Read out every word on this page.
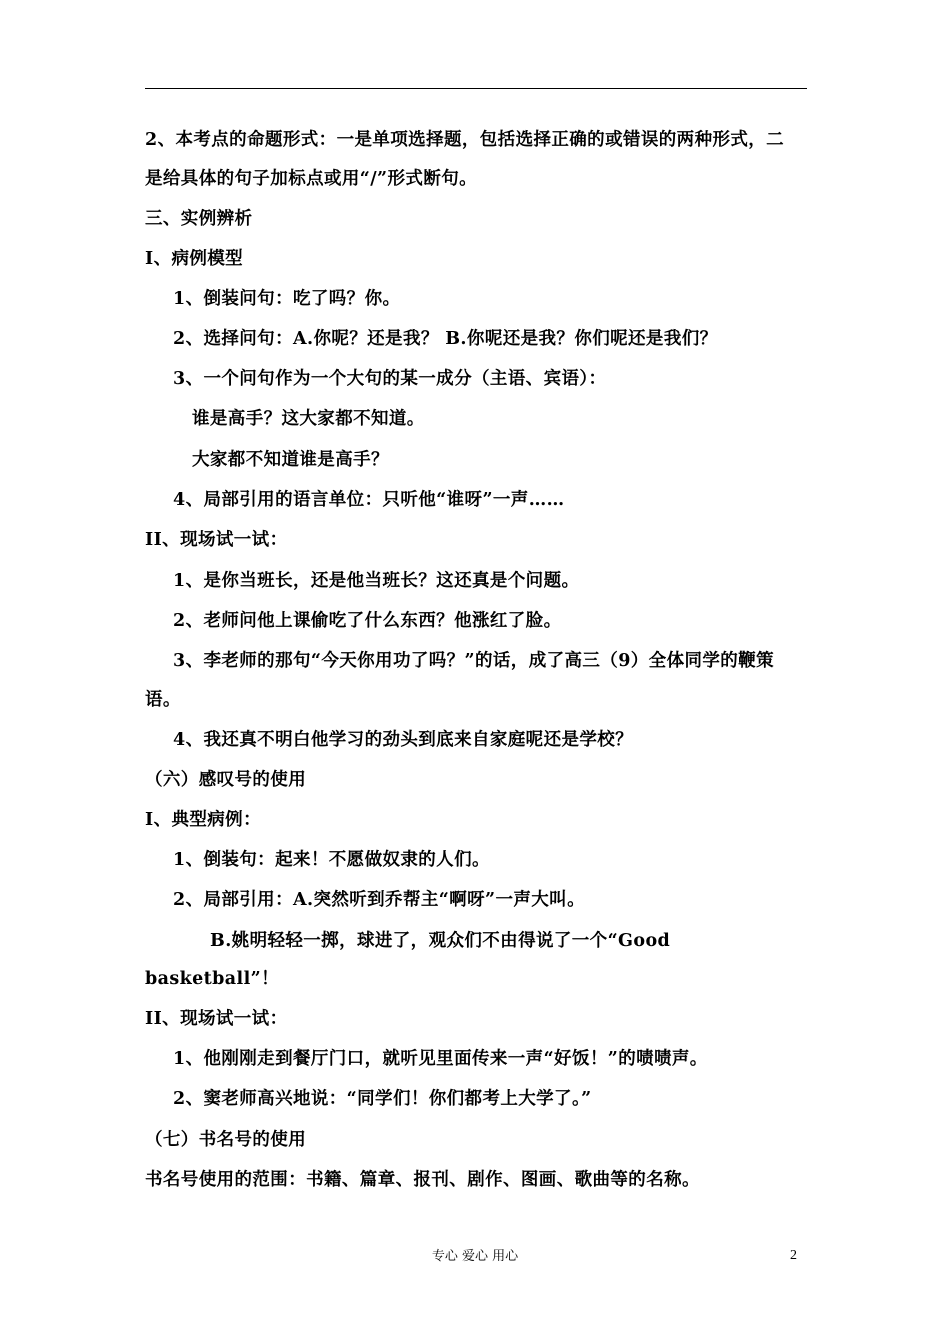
2、本考点的命题形式：一是单项选择题，包括选择正确的或错误的两种形式，二
是给具体的句子加标点或用“/”形式断句。
三、实例辨析
I、病例模型
1、倒装问句：吃了吗？你。
2、选择问句：A.你呢？还是我？ B.你呢还是我？你们呢还是我们？
3、一个问句作为一个大句的某一成分（主语、宾语）：
谁是高手？这大家都不知道。
大家都不知道谁是高手？
4、局部引用的语言单位：只听他“谁呀”一声……
II、现场试一试：
1、是你当班长，还是他当班长？这还真是个问题。
2、老师问他上课偷吃了什么东西？他涨红了脸。
3、李老师的那句“今天你用功了吗？”的话，成了高三（9）全体同学的鞭策
语。
4、我还真不明白他学习的劲头到底来自家庭呢还是学校？
（六）感叹号的使用
I、典型病例：
1、倒装句：起来！不愿做奴隶的人们。
2、局部引用：A.突然听到乔帮主“啊呀”一声大叫。
B.姚明轻轻一掷，球进了，观众们不由得说了一个“Good
basketball”！
II、现场试一试：
1、他刚刚走到餐厅门口，就听见里面传来一声“好饭！”的啧啧声。
2、窦老师高兴地说：“同学们！你们都考上大学了。”
（七）书名号的使用
书名号使用的范围：书籍、篇章、报刊、剧作、图画、歌曲等的名称。
专心 爱心 用心	2
